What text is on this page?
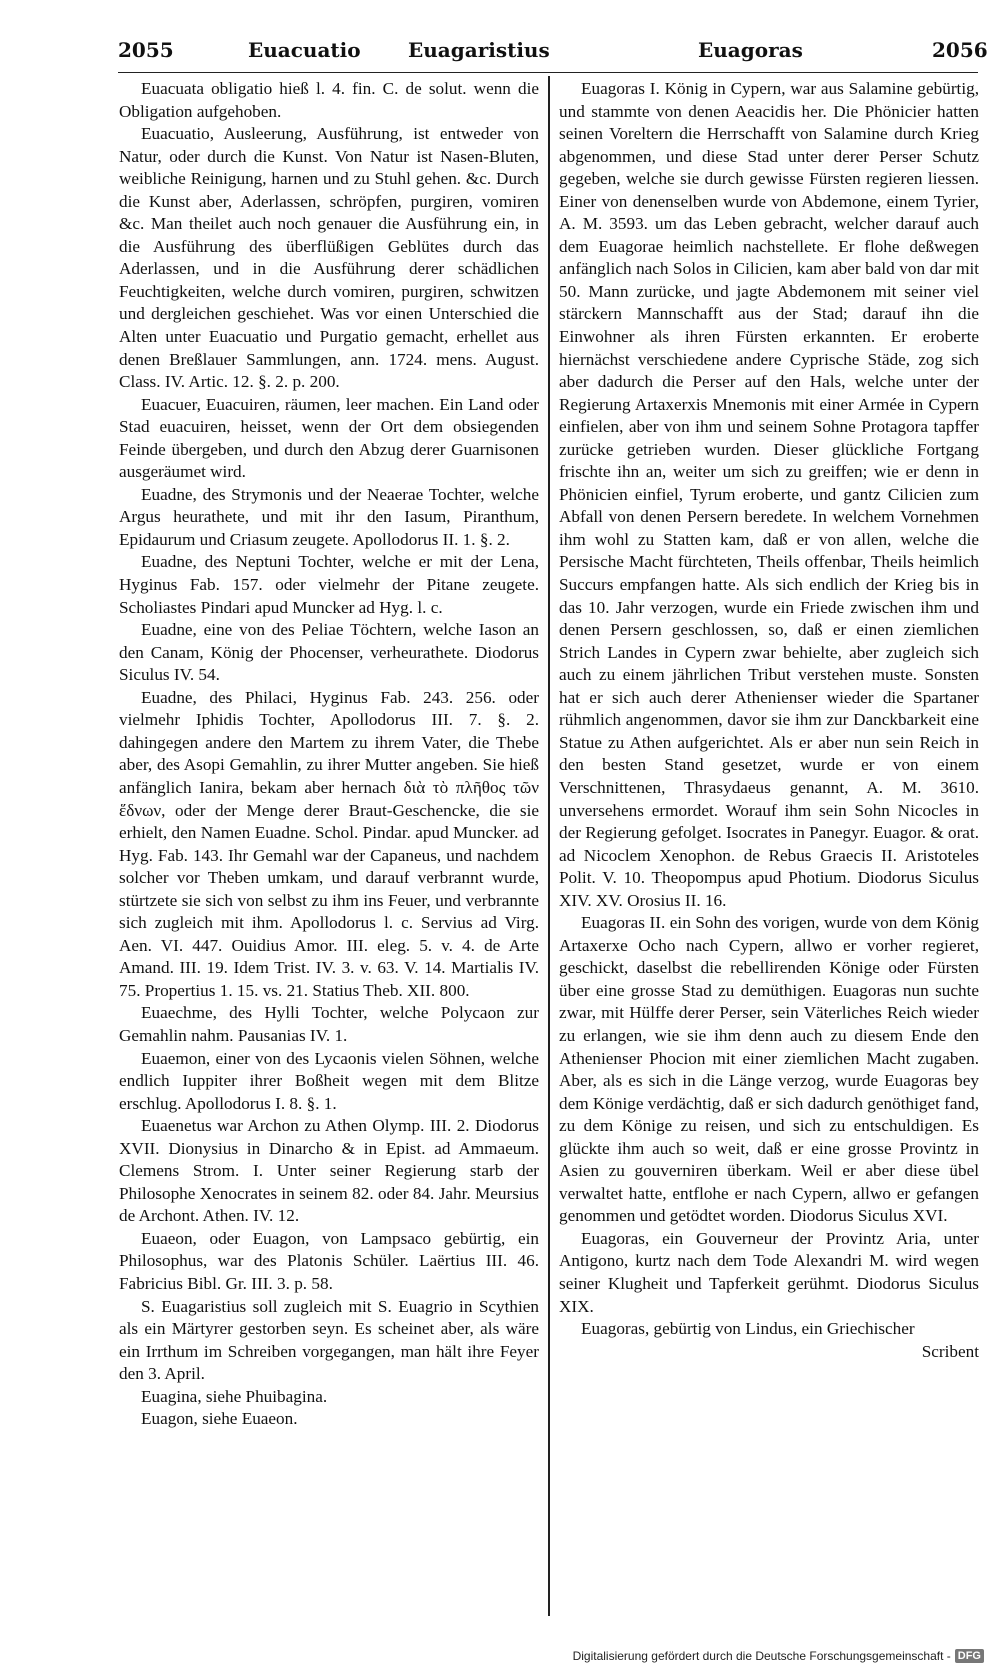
2055	Euacuatio Euagaristius	Euagoras	2056

Euacuata obligatio hieß l. 4. fin. C. de solut. wenn die Obligation aufgehoben.

Euacuatio, Ausleerung, Ausführung, ist entweder von Natur, oder durch die Kunst. Von Natur ist Nasen-Bluten, weibliche Reinigung, harnen und zu Stuhl gehen. &c. Durch die Kunst aber, Aderlassen, schröpfen, purgiren, vomiren &c. Man theilet auch noch genauer die Ausführung ein, in die Ausführung des überflüßigen Geblütes durch das Aderlassen, und in die Ausführung derer schädlichen Feuchtigkeiten, welche durch vomiren, purgiren, schwitzen und dergleichen geschiehet. Was vor einen Unterschied die Alten unter Euacuatio und Purgatio gemacht, erhellet aus denen Breßlauer Sammlungen, ann. 1724. mens. August. Class. IV. Artic. 12. §. 2. p. 200.

Euacuer, Euacuiren, räumen, leer machen. Ein Land oder Stad euacuiren, heisset, wenn der Ort dem obsiegenden Feinde übergeben, und durch den Abzug derer Guarnisonen ausgeräumet wird.

Euadne, des Strymonis und der Neaerae Tochter, welche Argus heurathete, und mit ihr den Iasum, Piranthum, Epidaurum und Criasum zeugete. Apollodorus II. 1. §. 2.

Euadne, des Neptuni Tochter, welche er mit der Lena, Hyginus Fab. 157. oder vielmehr der Pitane zeugete. Scholiastes Pindari apud Muncker ad Hyg. l. c.

Euadne, eine von des Peliae Töchtern, welche Iason an den Canam, König der Phocenser, verheurathete. Diodorus Siculus IV. 54.

Euadne, des Philaci, Hyginus Fab. 243. 256. oder vielmehr Iphidis Tochter, Apollodorus III. 7. §. 2. dahingegen andere den Martem zu ihrem Vater, die Thebe aber, des Asopi Gemahlin, zu ihrer Mutter angeben. Sie hieß anfänglich Ianira, bekam aber hernach διὰ τὸ πλῆθος τῶν ἕδνων, oder der Menge derer Braut-Geschencke, die sie erhielt, den Namen Euadne. Schol. Pindar. apud Muncker. ad Hyg. Fab. 143. Ihr Gemahl war der Capaneus, und nachdem solcher vor Theben umkam, und darauf verbrannt wurde, stürtzete sie sich von selbst zu ihm ins Feuer, und verbrannte sich zugleich mit ihm. Apollodorus l. c. Servius ad Virg. Aen. VI. 447. Ouidius Amor. III. eleg. 5. v. 4. de Arte Amand. III. 19. Idem Trist. IV. 3. v. 63. V. 14. Martialis IV. 75. Propertius 1. 15. vs. 21. Statius Theb. XII. 800.

Euaechme, des Hylli Tochter, welche Polycaon zur Gemahlin nahm. Pausanias IV. 1.

Euaemon, einer von des Lycaonis vielen Söhnen, welche endlich Iuppiter ihrer Boßheit wegen mit dem Blitze erschlug. Apollodorus I. 8. §. 1.

Euaenetus war Archon zu Athen Olymp. III. 2. Diodorus XVII. Dionysius in Dinarcho & in Epist. ad Ammaeum. Clemens Strom. I. Unter seiner Regierung starb der Philosophe Xenocrates in seinem 82. oder 84. Jahr. Meursius de Archont. Athen. IV. 12.

Euaeon, oder Euagon, von Lampsaco gebürtig, ein Philosophus, war des Platonis Schüler. Laërtius III. 46. Fabricius Bibl. Gr. III. 3. p. 58.

S. Euagaristius soll zugleich mit S. Euagrio in Scythien als ein Märtyrer gestorben seyn. Es scheinet aber, als wäre ein Irrthum im Schreiben vorgegangen, man hält ihre Feyer den 3. April.

Euagina, siehe Phuibagina.

Euagon, siehe Euaeon.

Euagoras I. König in Cypern, war aus Salamine gebürtig, und stammte von denen Aeacidis her. Die Phönicier hatten seinen Voreltern die Herrschafft von Salamine durch Krieg abgenommen, und diese Stad unter derer Perser Schutz gegeben, welche sie durch gewisse Fürsten regieren liessen. Einer von denenselben wurde von Abdemone, einem Tyrier, A. M. 3593. um das Leben gebracht, welcher darauf auch dem Euagorae heimlich nachstellete. Er flohe deßwegen anfänglich nach Solos in Cilicien, kam aber bald von dar mit 50. Mann zurücke, und jagte Abdemonem mit seiner viel stärckern Mannschafft aus der Stad; darauf ihn die Einwohner als ihren Fürsten erkannten. Er eroberte hiernächst verschiedene andere Cyprische Städe, zog sich aber dadurch die Perser auf den Hals, welche unter der Regierung Artaxerxis Mnemonis mit einer Armée in Cypern einfielen, aber von ihm und seinem Sohne Protagora tapffer zurücke getrieben wurden. Dieser glückliche Fortgang frischte ihn an, weiter um sich zu greiffen; wie er denn in Phönicien einfiel, Tyrum eroberte, und gantz Cilicien zum Abfall von denen Persern beredete. In welchem Vornehmen ihm wohl zu Statten kam, daß er von allen, welche die Persische Macht fürchteten, Theils offenbar, Theils heimlich Succurs empfangen hatte. Als sich endlich der Krieg bis in das 10. Jahr verzogen, wurde ein Friede zwischen ihm und denen Persern geschlossen, so, daß er einen ziemlichen Strich Landes in Cypern zwar behielte, aber zugleich sich auch zu einem jährlichen Tribut verstehen muste. Sonsten hat er sich auch derer Athenienser wieder die Spartaner rühmlich angenommen, davor sie ihm zur Danckbarkeit eine Statue zu Athen aufgerichtet. Als er aber nun sein Reich in den besten Stand gesetzet, wurde er von einem Verschnittenen, Thrasydaeus genannt, A. M. 3610. unversehens ermordet. Worauf ihm sein Sohn Nicocles in der Regierung gefolget. Isocrates in Panegyr. Euagor. & orat. ad Nicoclem Xenophon. de Rebus Graecis II. Aristoteles Polit. V. 10. Theopompus apud Photium. Diodorus Siculus XIV. XV. Orosius II. 16.

Euagoras II. ein Sohn des vorigen, wurde von dem König Artaxerxe Ocho nach Cypern, allwo er vorher regieret, geschickt, daselbst die rebellirenden Könige oder Fürsten über eine grosse Stad zu demüthigen. Euagoras nun suchte zwar, mit Hülffe derer Perser, sein Väterliches Reich wieder zu erlangen, wie sie ihm denn auch zu diesem Ende den Athenienser Phocion mit einer ziemlichen Macht zugaben. Aber, als es sich in die Länge verzog, wurde Euagoras bey dem Könige verdächtig, daß er sich dadurch genöthiget fand, zu dem Könige zu reisen, und sich zu entschuldigen. Es glückte ihm auch so weit, daß er eine grosse Provintz in Asien zu gouverniren überkam. Weil er aber diese übel verwaltet hatte, entflohe er nach Cypern, allwo er gefangen genommen und getödtet worden. Diodorus Siculus XVI.

Euagoras, ein Gouverneur der Provintz Aria, unter Antigono, kurtz nach dem Tode Alexandri M. wird wegen seiner Klugheit und Tapferkeit gerühmt. Diodorus Siculus XIX.

Euagoras, gebürtig von Lindus, ein Griechischer

Scribent

Digitalisierung gefördert durch die Deutsche Forschungsgemeinschaft - DFG
